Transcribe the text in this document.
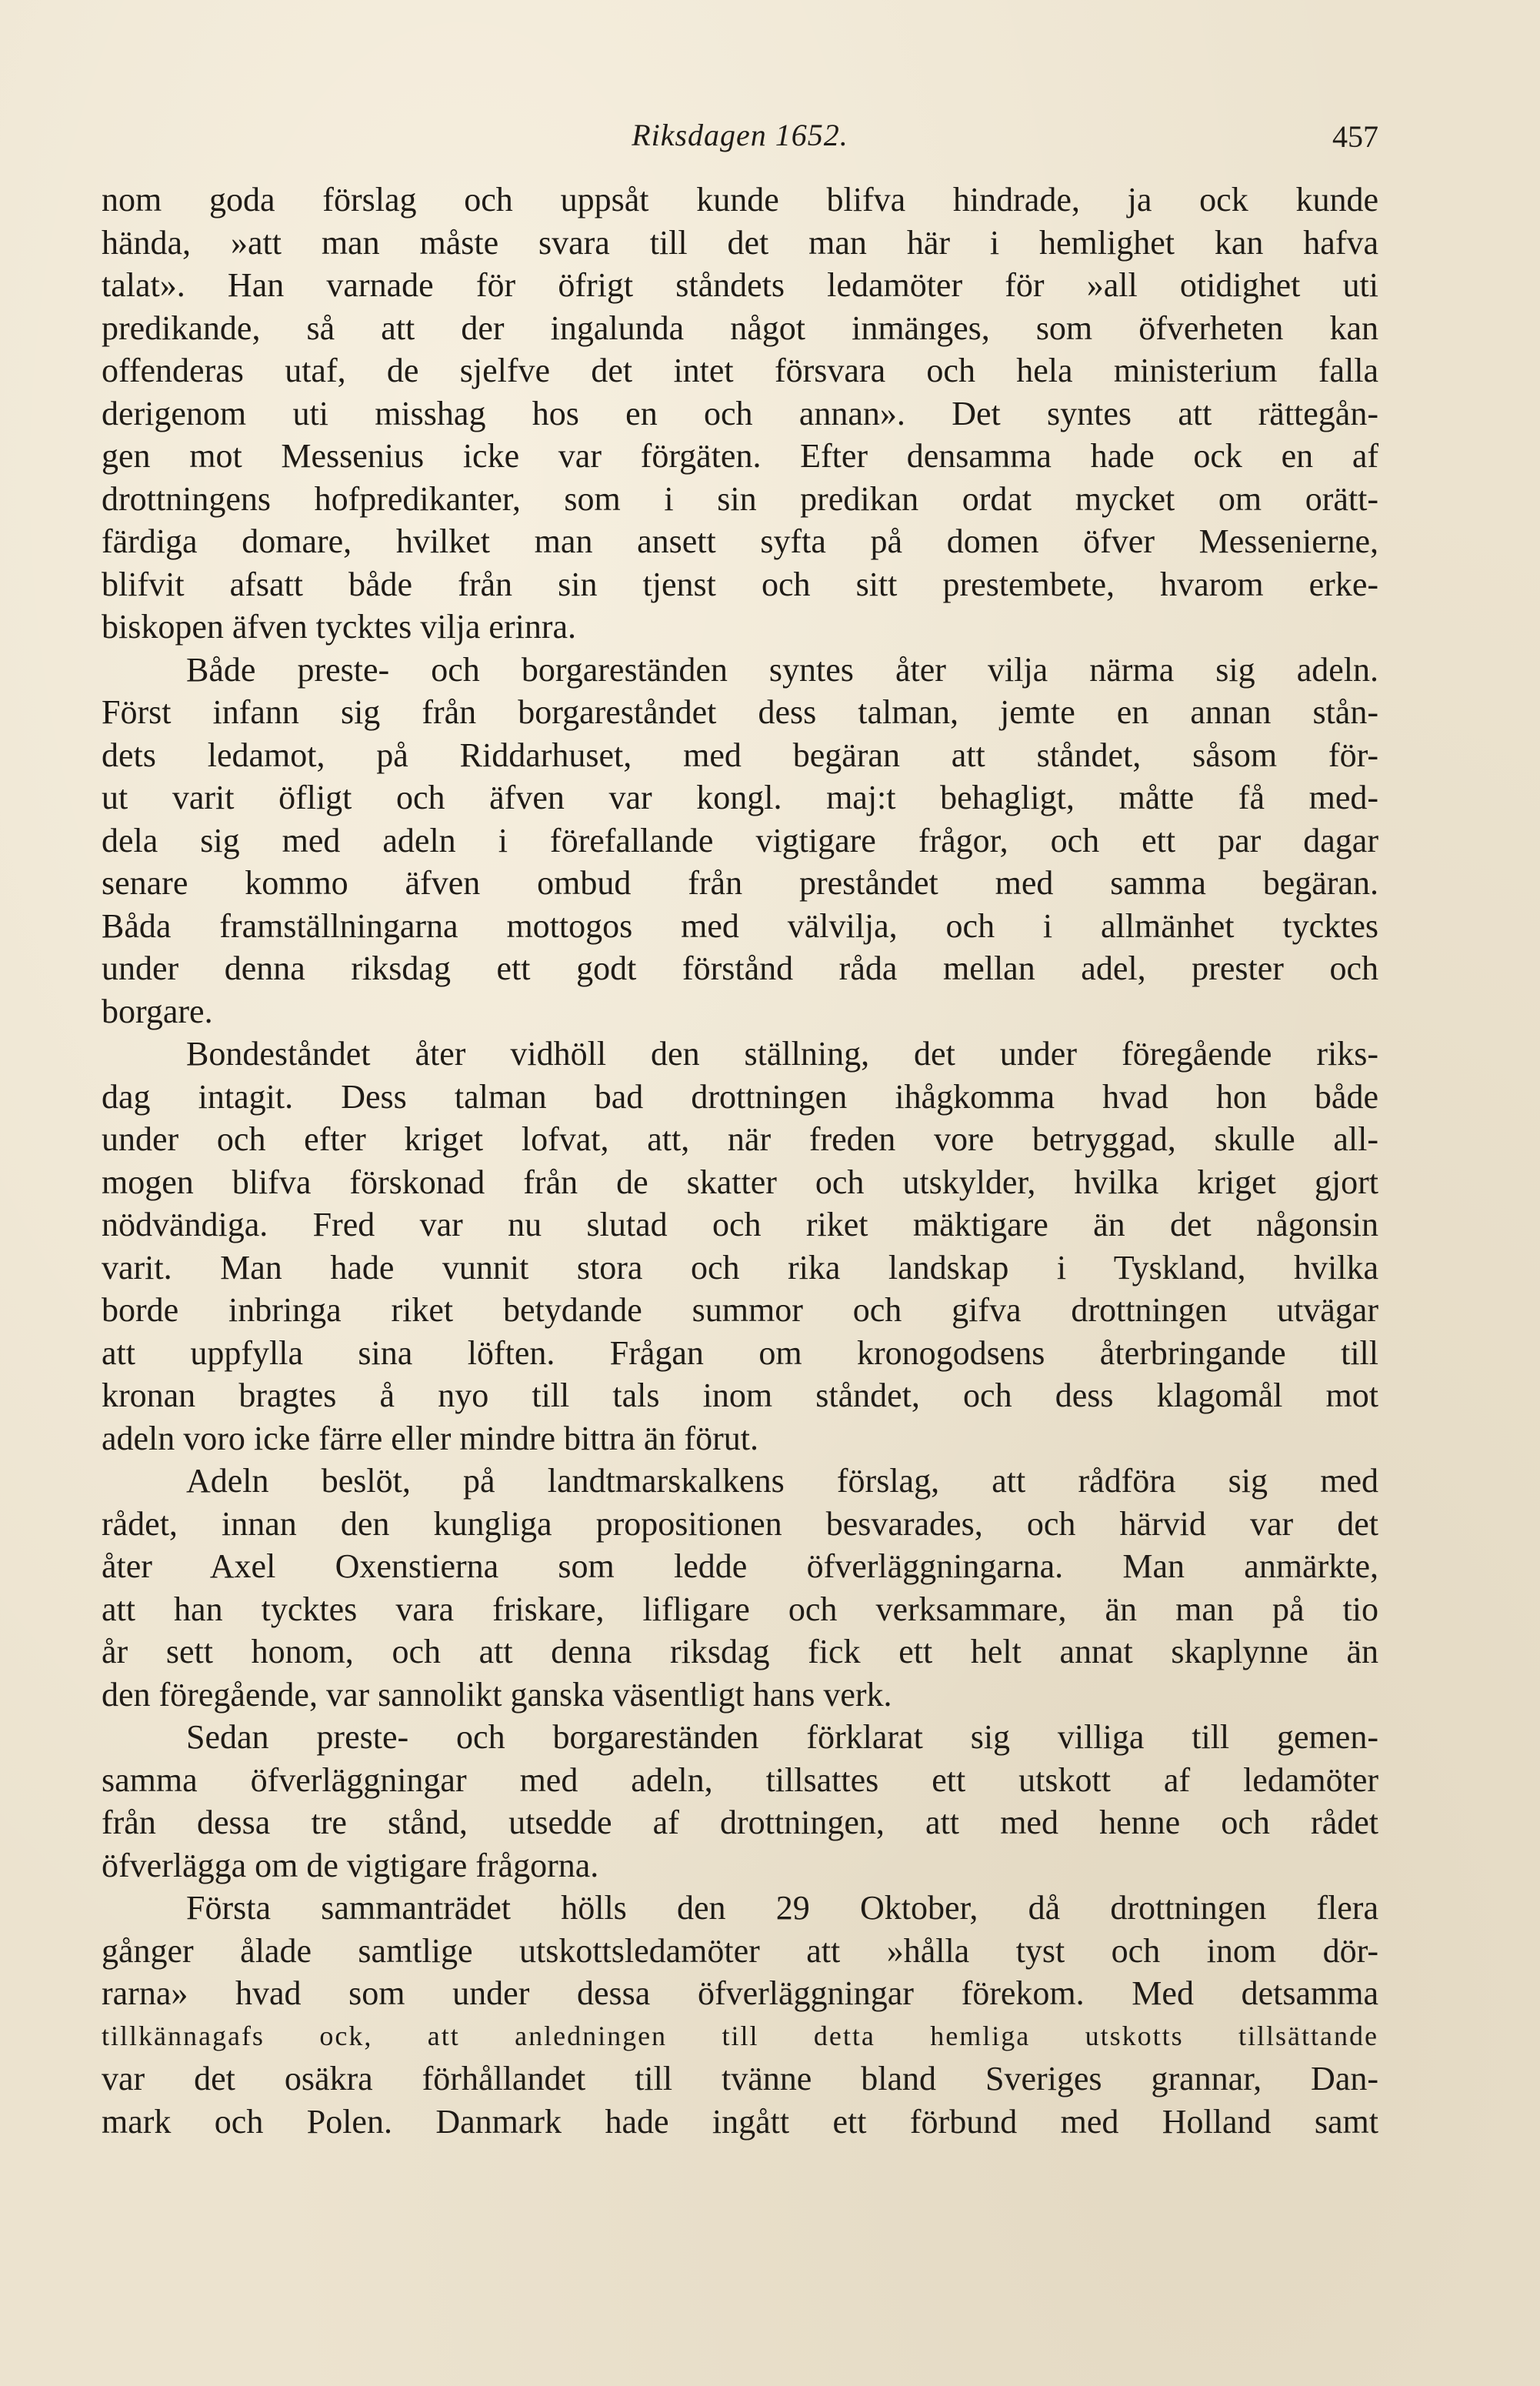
Riksdagen 1652.	457
nom goda förslag och uppsåt kunde blifva hindrade, ja ock kunde
hända, »att man måste svara till det man här i hemlighet kan hafva
talat». Han varnade för öfrigt ståndets ledamöter för »all otidighet uti
predikande, så att der ingalunda något inmänges, som öfverheten kan
offenderas utaf, de sjelfve det intet försvara och hela ministerium falla
derigenom uti misshag hos en och annan». Det syntes att rättegån-
gen mot Messenius icke var förgäten. Efter densamma hade ock en af
drottningens hofpredikanter, som i sin predikan ordat mycket om orätt-
färdiga domare, hvilket man ansett syfta på domen öfver Messenierne,
blifvit afsatt både från sin tjenst och sitt prestembete, hvarom erke-
biskopen äfven tycktes vilja erinra.
Både preste- och borgareständen syntes åter vilja närma sig adeln.
Först infann sig från borgareståndet dess talman, jemte en annan stån-
dets ledamot, på Riddarhuset, med begäran att ståndet, såsom för-
ut varit öfligt och äfven var kongl. maj:t behagligt, måtte få med-
dela sig med adeln i förefallande vigtigare frågor, och ett par dagar
senare kommo äfven ombud från preståndet med samma begäran.
Båda framställningarna mottogos med välvilja, och i allmänhet tycktes
under denna riksdag ett godt förstånd råda mellan adel, prester och
borgare.
Bondeståndet åter vidhöll den ställning, det under föregående riks-
dag intagit. Dess talman bad drottningen ihågkomma hvad hon både
under och efter kriget lofvat, att, när freden vore betryggad, skulle all-
mogen blifva förskonad från de skatter och utskylder, hvilka kriget gjort
nödvändiga. Fred var nu slutad och riket mäktigare än det någonsin
varit. Man hade vunnit stora och rika landskap i Tyskland, hvilka
borde inbringa riket betydande summor och gifva drottningen utvägar
att uppfylla sina löften. Frågan om kronogodsens återbringande till
kronan bragtes å nyo till tals inom ståndet, och dess klagomål mot
adeln voro icke färre eller mindre bittra än förut.
Adeln beslöt, på landtmarskalkens förslag, att rådföra sig med
rådet, innan den kungliga propositionen besvarades, och härvid var det
åter Axel Oxenstierna som ledde öfverläggningarna. Man anmärkte,
att han tycktes vara friskare, lifligare och verksammare, än man på tio
år sett honom, och att denna riksdag fick ett helt annat skaplynne än
den föregående, var sannolikt ganska väsentligt hans verk.
Sedan preste- och borgareständen förklarat sig villiga till gemen-
samma öfverläggningar med adeln, tillsattes ett utskott af ledamöter
från dessa tre stånd, utsedde af drottningen, att med henne och rådet
öfverlägga om de vigtigare frågorna.
Första sammanträdet hölls den 29 Oktober, då drottningen flera
gånger ålade samtlige utskottsledamöter att »hålla tyst och inom dör-
rarna» hvad som under dessa öfverläggningar förekom. Med detsamma
tillkännagafs ock, att anledningen till detta hemliga utskotts tillsättande
var det osäkra förhållandet till tvänne bland Sveriges grannar, Dan-
mark och Polen. Danmark hade ingått ett förbund med Holland samt
